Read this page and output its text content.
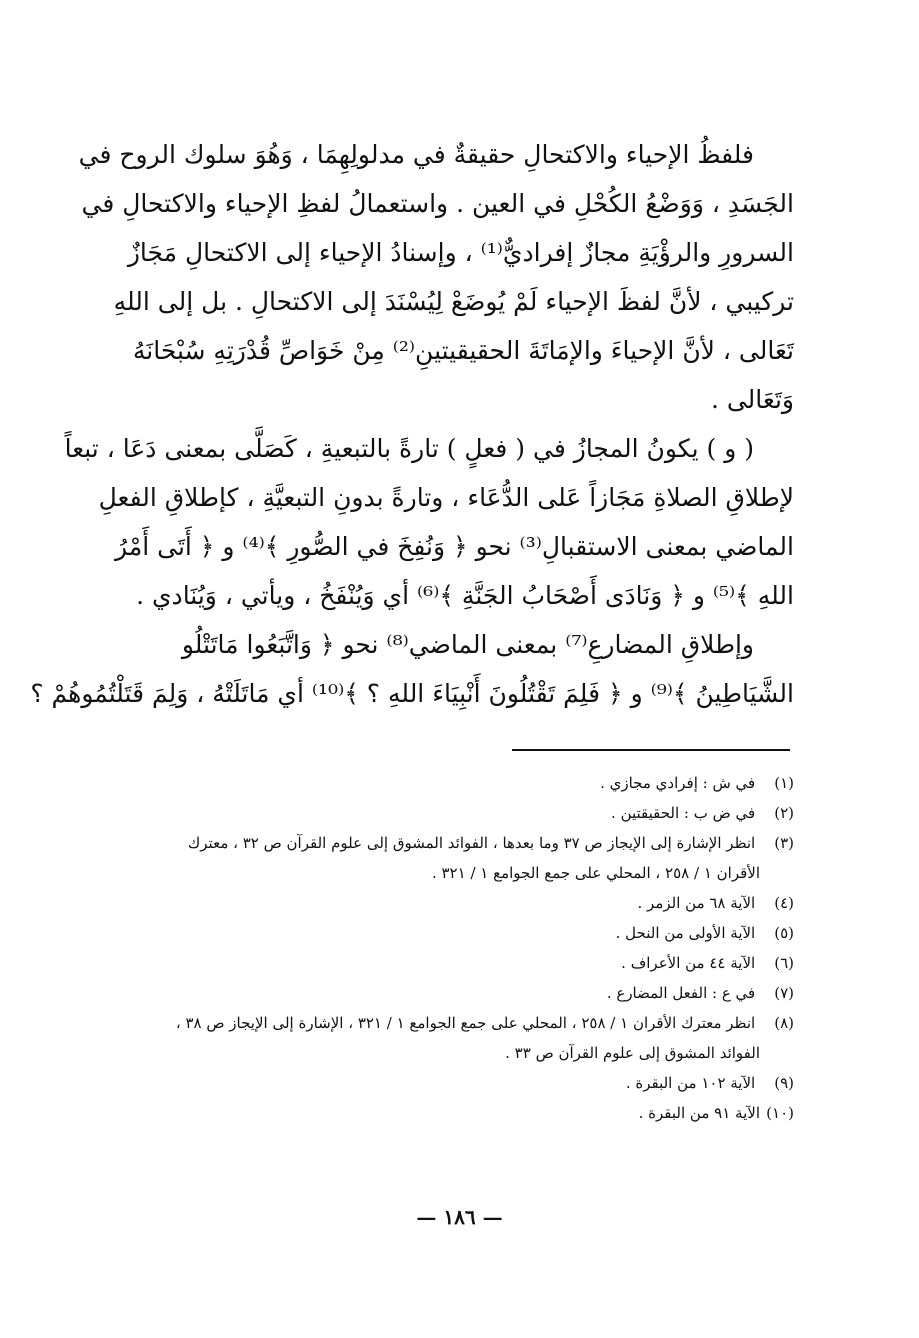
فلفظُ الإحياء والاكتحالِ حقيقةٌ في مدلولِهِمَا ، وَهُوَ سلوك الروح في
الجَسَدِ ، وَوَضْعُ الكُحْلِ في العين . واستعمالُ لفظِ الإحياء والاكتحالِ في
السرورِ والرؤْيَةِ مجازٌ إفراديٌّ⁽¹⁾ ، وإسنادُ الإحياء إلى الاكتحالِ مَجَازٌ
تركيبي ، لأنَّ لفظَ الإحياء لَمْ يُوضَعْ لِيُسْنَدَ إلى الاكتحالِ . بل إلى اللهِ
تَعَالى ، لأنَّ الإحياءَ والإمَاتَةَ الحقيقيتينِ⁽²⁾ مِنْ خَوَاصِّ قُدْرَتِهِ سُبْحَانَهُ
وَتَعَالى .
( و ) يكونُ المجازُ في ( فعلٍ ) تارةً بالتبعيةِ ، كَصَلَّى بمعنى دَعَا ، تبعاً
لإطلاقِ الصلاةِ مَجَازاً عَلى الدُّعَاء ، وتارةً بدونِ التبعيَّةِ ، كإطلاقِ الفعلِ
الماضي بمعنى الاستقبالِ⁽³⁾ نحو ﴿ وَنُفِخَ في الصُّورِ ﴾⁽⁴⁾ و ﴿ أَتَى أَمْرُ
اللهِ ﴾⁽⁵⁾ و ﴿ وَنَادَى أَصْحَابُ الجَنَّةِ ﴾⁽⁶⁾ أي وَيُنْفَخُ ، ويأتي ، وَيُنَادي .
وإطلاقِ المضارعِ⁽⁷⁾ بمعنى الماضي⁽⁸⁾ نحو ﴿ وَاتَّبَعُوا مَاتَتْلُو
الشَّيَاطِينُ ﴾⁽⁹⁾ و ﴿ فَلِمَ تَقْتُلُونَ أَنْبِيَاءَ اللهِ ؟ ﴾⁽¹⁰⁾ أي مَاتَلَتْهُ ، وَلِمَ قَتَلْتُمُوهُمْ ؟
(١) في ش : إفرادي مجازي .
(٢) في ض ب : الحقيقتين .
(٣) انظر الإشارة إلى الإيجاز ص ٣٧ وما بعدها ، الفوائد المشوق إلى علوم القرآن ص ٣٢ ، معترك
الأقران ١ / ٢٥٨ ، المحلي على جمع الجوامع ١ / ٣٢١ .
(٤) الآية ٦٨ من الزمر .
(٥) الآية الأولى من النحل .
(٦) الآية ٤٤ من الأعراف .
(٧) في ع : الفعل المضارع .
(٨) انظر معترك الأقران ١ / ٢٥٨ ، المحلي على جمع الجوامع ١ / ٣٢١ ، الإشارة إلى الإيجاز ص ٣٨ ،
الفوائد المشوق إلى علوم القرآن ص ٣٣ .
(٩) الآية ١٠٢ من البقرة .
(١٠)الآية ٩١ من البقرة .
— ١٨٦ —
